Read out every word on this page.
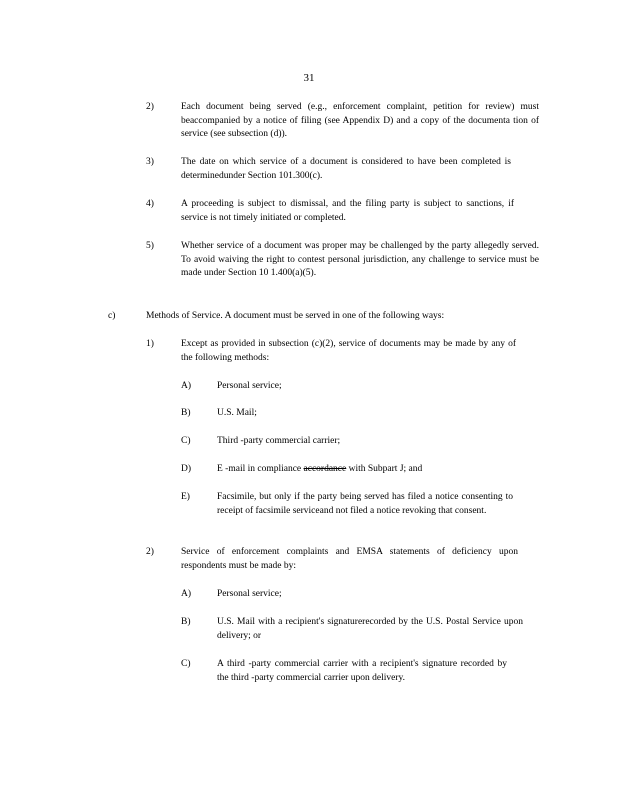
31
2)	Each document being served (e.g., enforcement complaint, petition for review) must beaccompanied by a notice of filing (see Appendix D) and a copy of the documenta tion of service (see subsection (d)).
3)	The date on which service of a document is considered to have been completed is determinedunder Section 101.300(c).
4)	A proceeding is subject to dismissal, and the filing party is subject to sanctions, if service is not timely initiated or completed.
5)	Whether service of a document was proper may be challenged by the party allegedly served. To avoid waiving the right to contest personal jurisdiction, any challenge to service must be made under Section 10 1.400(a)(5).
c)	Methods of Service. A document must be served in one of the following ways:
1)	Except as provided in subsection (c)(2), service of documents may be made by any of the following methods:
A)	Personal service;
B)	U.S. Mail;
C)	Third -party commercial carrier;
D)	E -mail in compliance accordance with Subpart J; and
E)	Facsimile, but only if the party being served has filed a notice consenting to receipt of facsimile serviceand not filed a notice revoking that consent.
2)	Service of enforcement complaints and EMSA statements of deficiency upon respondents must be made by:
A)	Personal service;
B)	U.S. Mail with a recipient's signaturerecorded by the U.S. Postal Service upon delivery; or
C)	A third -party commercial carrier with a recipient's signature recorded by the third -party commercial carrier upon delivery.
